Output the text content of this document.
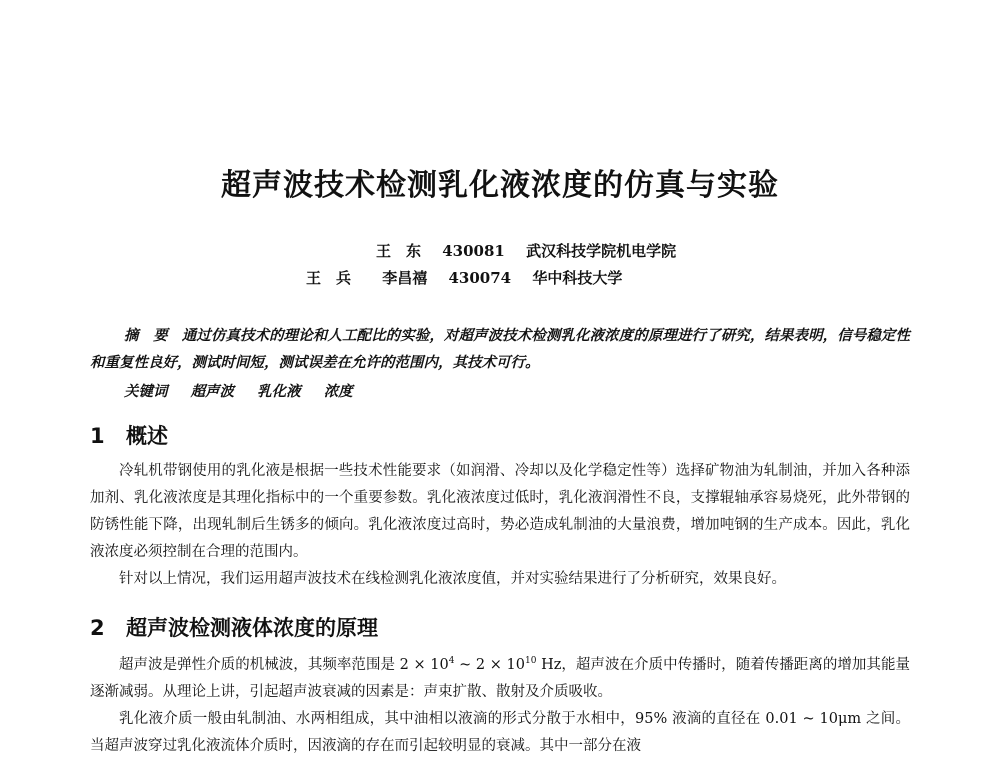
超声波技术检测乳化液浓度的仿真与实验
王　东 430081 武汉科技学院机电学院
王　兵 李昌禧 430074 华中科技大学
摘　要 通过仿真技术的理论和人工配比的实验，对超声波技术检测乳化液浓度的原理进行了研究，结果表明，信号稳定性和重复性良好，测试时间短，测试误差在允许的范围内，其技术可行。
关键词 超声波 乳化液 浓度
1 概述

冷轧机带钢使用的乳化液是根据一些技术性能要求（如润滑、冷却以及化学稳定性等）选择矿物油为轧制油，并加入各种添加剂、乳化液浓度是其理化指标中的一个重要参数。乳化液浓度过低时，乳化液润滑性不良，支撑辊轴承容易烧死，此外带钢的防锈性能下降，出现轧制后生锈多的倾向。乳化液浓度过高时，势必造成轧制油的大量浪费，增加吨钢的生产成本。因此，乳化液浓度必须控制在合理的范围内。

针对以上情况，我们运用超声波技术在线检测乳化液浓度值，并对实验结果进行了分析研究，效果良好。

2 超声波检测液体浓度的原理

超声波是弹性介质的机械波，其频率范围是 $2 \times 10^4$ ~ $2 \times 10^{10}$ Hz，超声波在介质中传播时，随着传播距离的增加其能量逐渐减弱。从理论上讲，引起超声波衰减的因素是：声束扩散、散射及介质吸收。

乳化液介质一般由轧制油、水两相组成，其中油相以液滴的形式分散于水相中，95% 液滴的直径在 0.01 ~ 10μm 之间。当超声波穿过乳化液流体介质时，因液滴的存在而引起较明显的衰减。其中一部分在液
